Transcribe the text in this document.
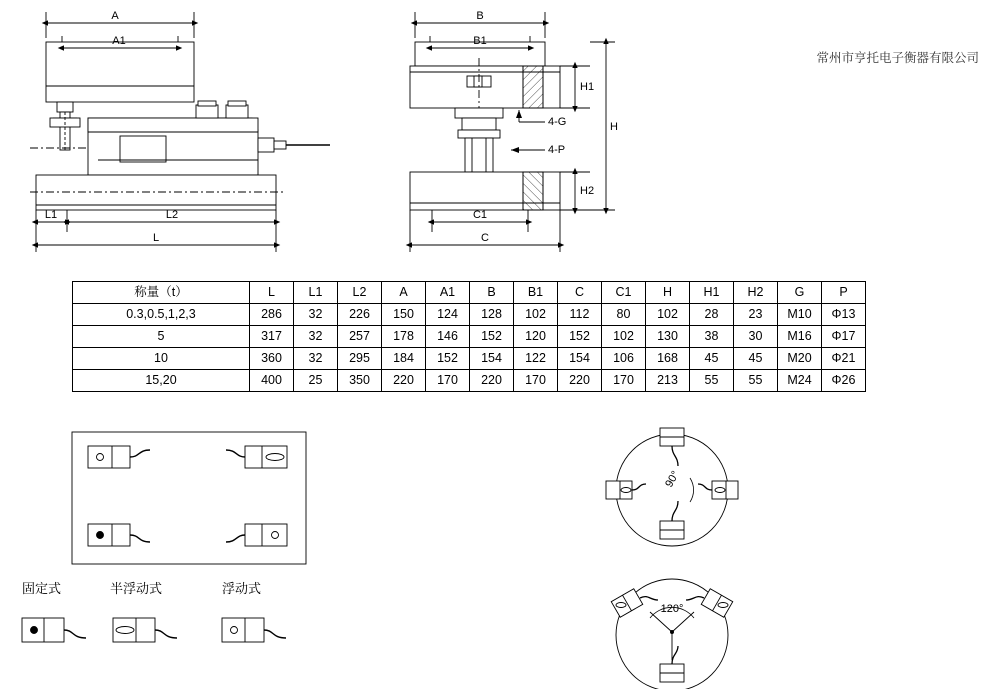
A
A1
L1	L2
L
B
B1
4-G
4-P
H1
H2
H
C1
C
90°
120°
常州市亨托电子衡器有限公司
称量（t）	L	L1	L2	A	A1	B	B1	C	C1	H	H1	H2	G	P
0.3,0.5,1,2,3	286	32	226	150	124	128	102	112	80	102	28	23	M10	Φ13
5	317	32	257	178	146	152	120	152	102	130	38	30	M16	Φ17
10	360	32	295	184	152	154	122	154	106	168	45	45	M20	Φ21
15,20	400	25	350	220	170	220	170	220	170	213	55	55	M24	Φ26
固定式	半浮动式	浮动式
